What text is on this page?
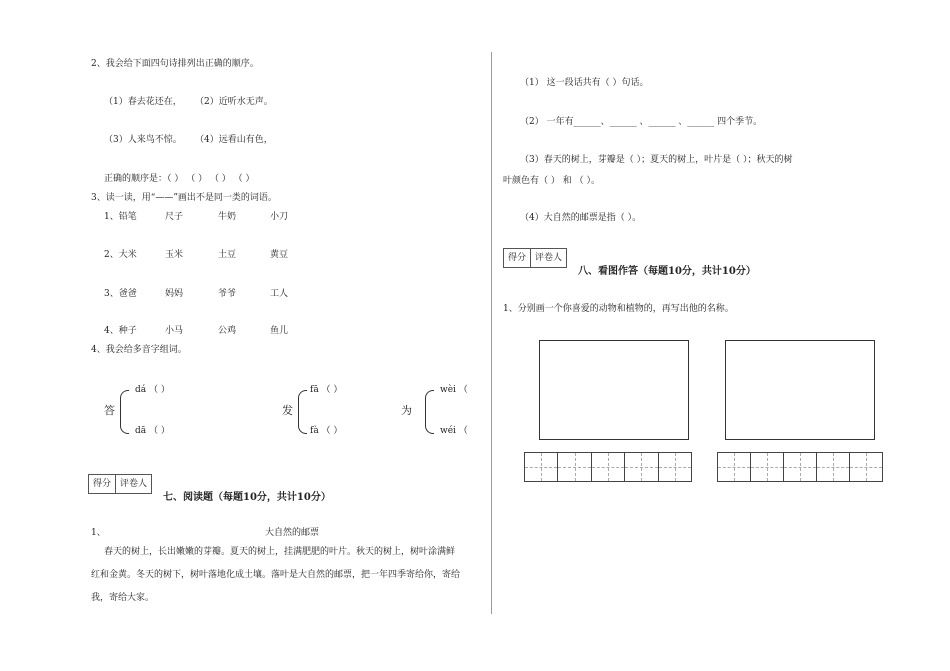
2、我会给下面四句诗排列出正确的顺序。
（1）春去花还在， （2）近听水无声。
（3）人来鸟不惊。 （4）远看山有色，
正确的顺序是：（ ） （ ） （ ） （ ）
3、读一读，用“——”画出不是同一类的词语。
1、铅笔	尺子	牛奶	小刀
2、大米	玉米	土豆	黄豆
3、爸爸	妈妈	爷爷	工人
4、种子	小马	公鸡	鱼儿
4、我会给多音字组词。
答
dá （ ）
dā （ ）
发
fā （ ）
fà （ ）
为
wèi （
wéi （
得分	评卷人
七、阅读题（每题10分，共计10分）
1、	大自然的邮票
春天的树上，长出嫩嫩的芽瓣。夏天的树上，挂满肥肥的叶片。秋天的树上，树叶涂满鲜
红和金黄。冬天的树下，树叶落地化成土壤。落叶是大自然的邮票，把一年四季寄给你，寄给
我，寄给大家。
（1） 这一段话共有（ ）句话。
（2） 一年有______、______ 、______ 、______ 四个季节。
（3）春天的树上，芽瓣是（ ）；夏天的树上，叶片是（ ）；秋天的树
叶颜色有（ ） 和 （ ）。
（4）大自然的邮票是指（ ）。
得分	评卷人
八、看图作答（每题10分，共计10分）
1、分别画一个你喜爱的动物和植物的，再写出他的名称。
